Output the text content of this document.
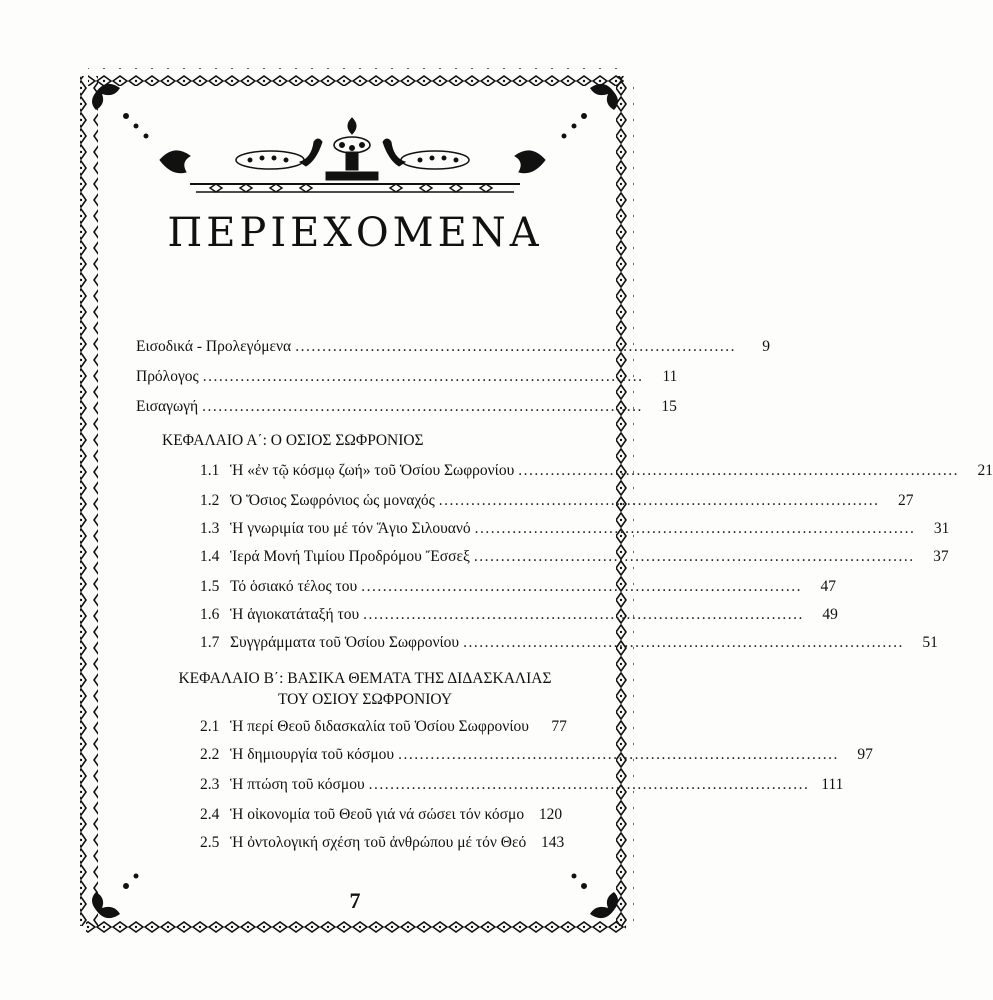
ΠΕΡΙΕΧΟΜΕΝΑ
Εισοδικά - Προλεγόμενα ..................................................................................	9
Πρόλογος ..................................................................................	11
Εισαγωγή ..................................................................................	15
ΚΕΦΑΛΑΙΟ Α΄: Ο ΟΣΙΟΣ ΣΩΦΡΟΝΙΟΣ
1.1 Ἡ «ἐν τῷ κόσμῳ ζωή» τοῦ Ὁσίου Σωφρονίου ..................................................................................	21
1.2 Ὁ Ὅσιος Σωφρόνιος ὡς μοναχός ..................................................................................	27
1.3 Ἡ γνωριμία του μέ τόν Ἅγιο Σιλουανό ..................................................................................	31
1.4 Ἱερά Μονή Τιμίου Προδρόμου Ἔσσεξ ..................................................................................	37
1.5 Τό ὁσιακό τέλος του ..................................................................................	47
1.6 Ἡ ἁγιοκατάταξή του ..................................................................................	49
1.7 Συγγράμματα τοῦ Ὁσίου Σωφρονίου ..................................................................................	51
ΚΕΦΑΛΑΙΟ Β΄: ΒΑΣΙΚΑ ΘΕΜΑΤΑ ΤΗΣ ΔΙΔΑΣΚΑΛΙΑΣ
ΤΟΥ ΟΣΙΟΥ ΣΩΦΡΟΝΙΟΥ
2.1 Ἡ περί Θεοῦ διδασκαλία τοῦ Ὁσίου Σωφρονίου	77
2.2 Ἡ δημιουργία τοῦ κόσμου ..................................................................................	97
2.3 Ἡ πτώση τοῦ κόσμου .................................................................................. 111
2.4 Ἡ οἰκονομία τοῦ Θεοῦ γιά νά σώσει τόν κόσμο 120
2.5 Ἡ ὀντολογική σχέση τοῦ ἀνθρώπου μέ τόν Θεό 143
7
